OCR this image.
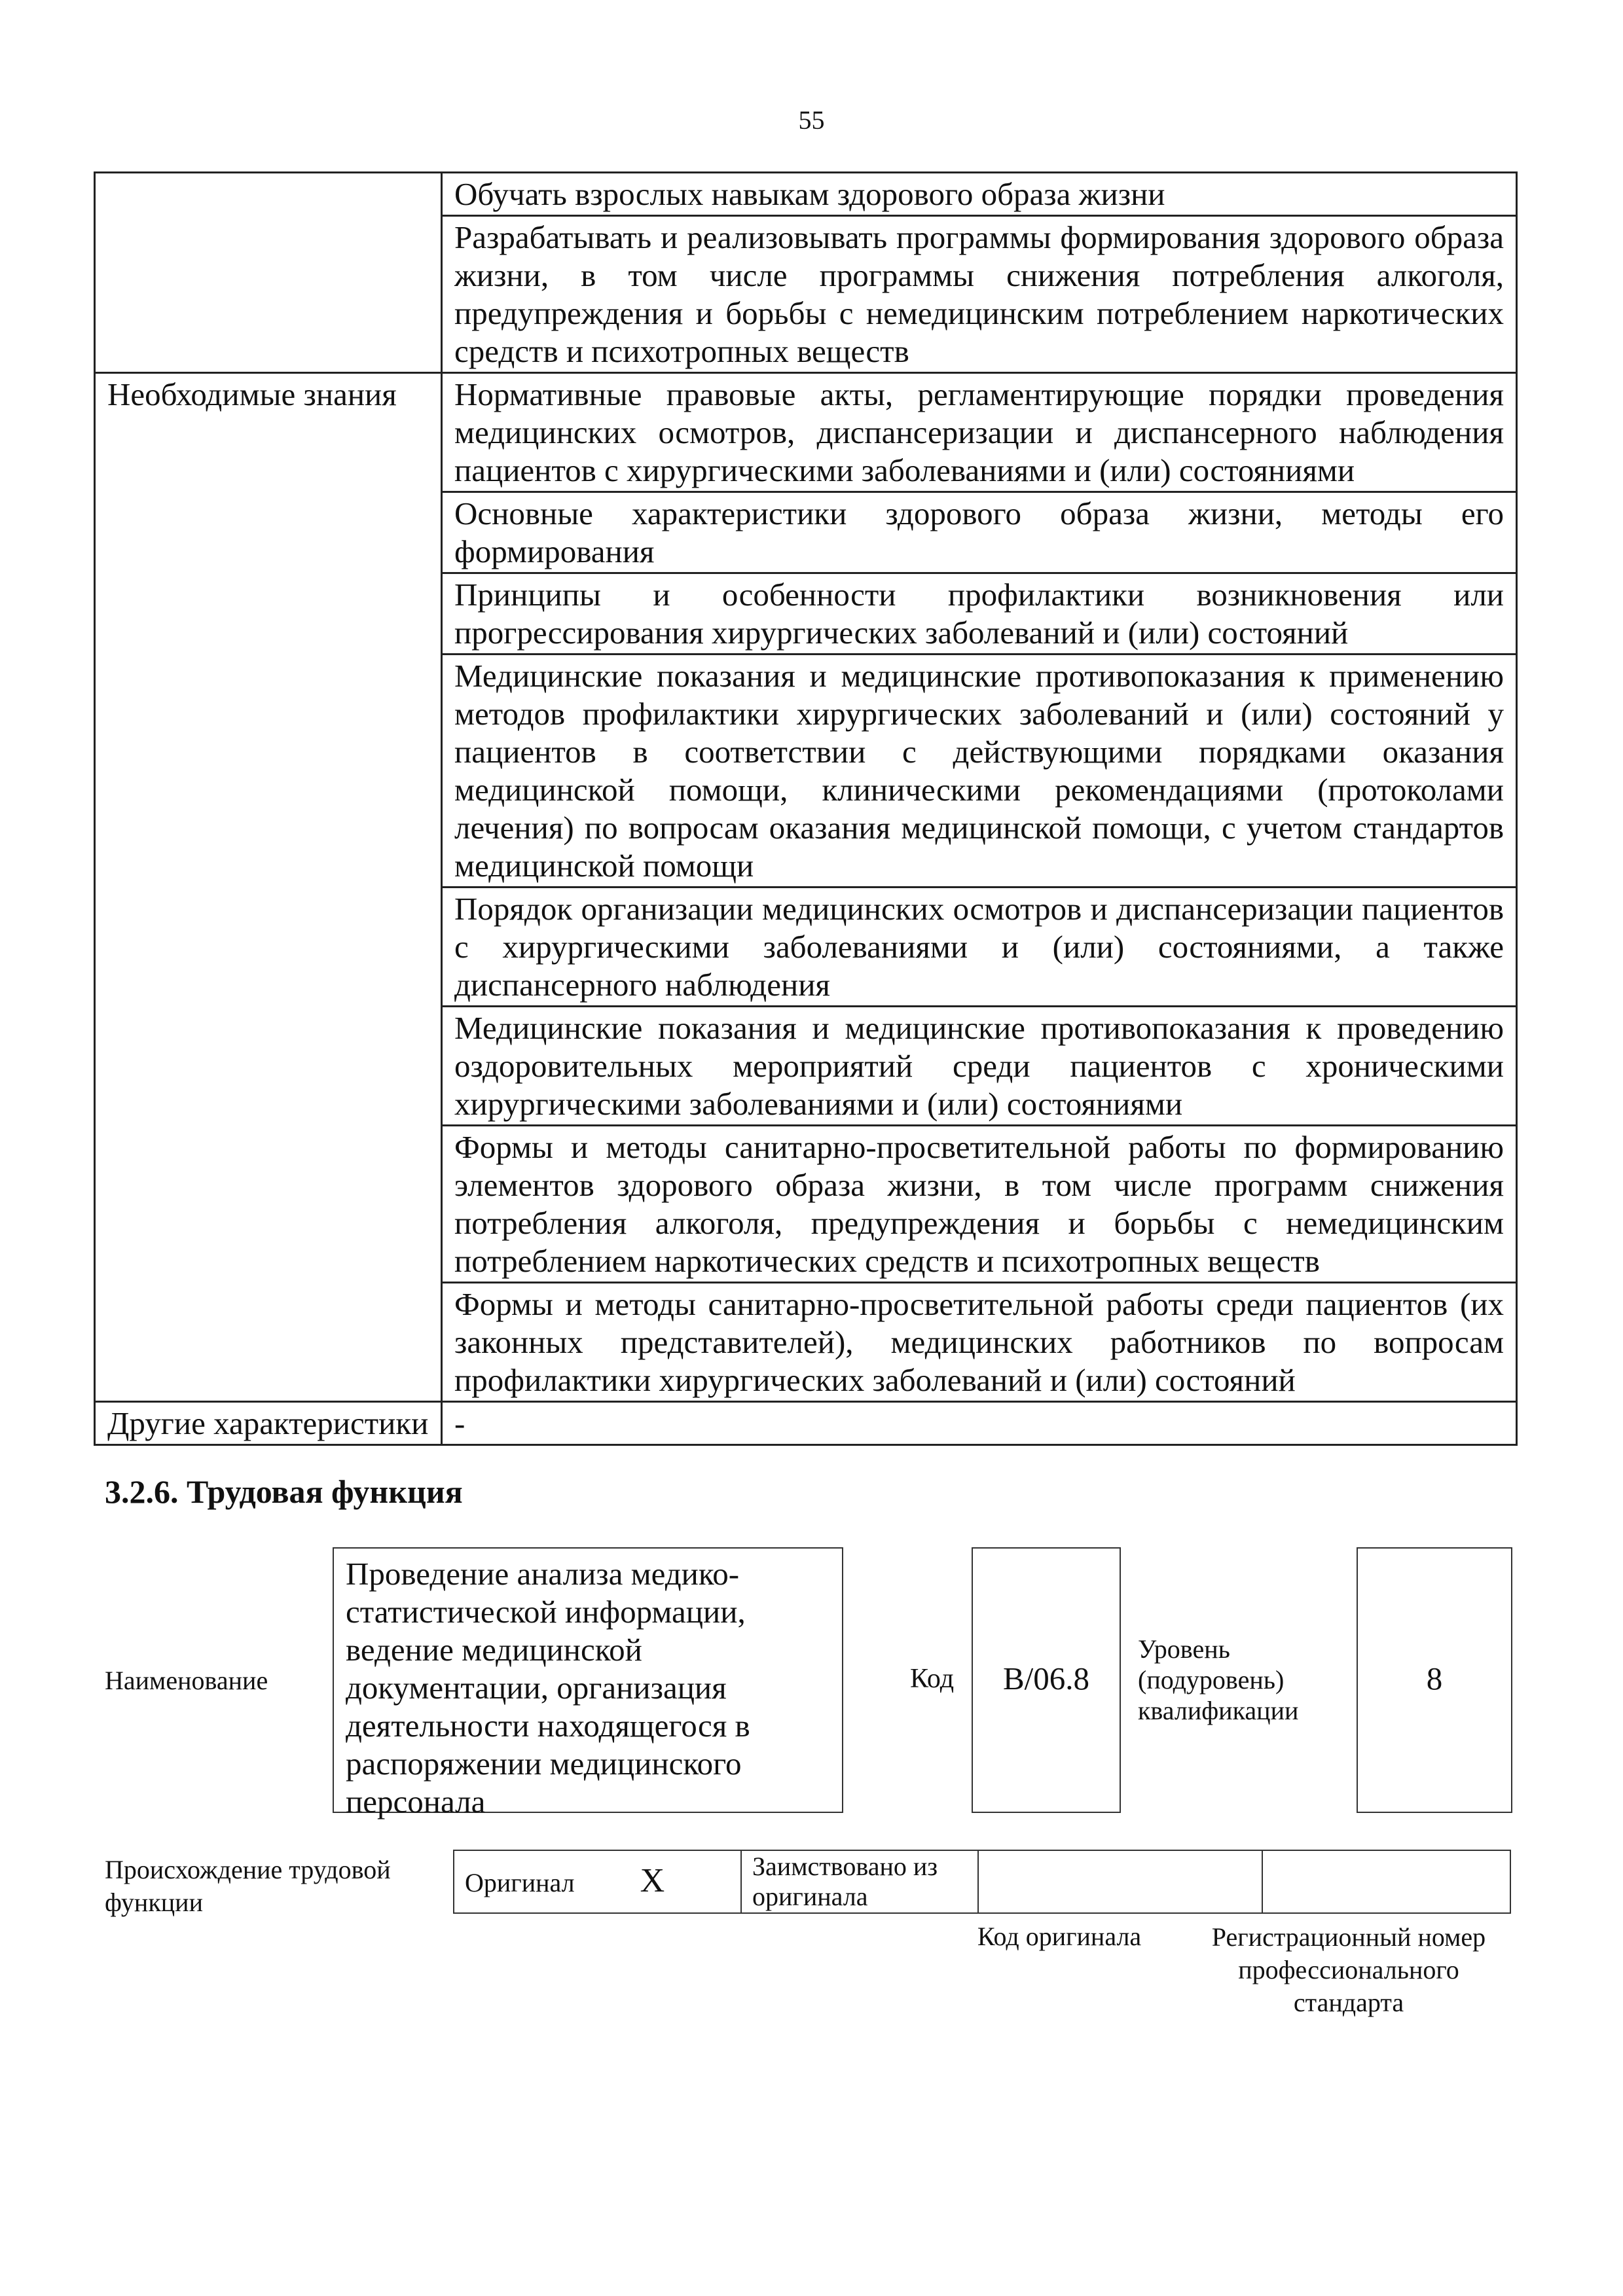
55
	Обучать взрослых навыкам здорового образа жизни
	Разрабатывать и реализовывать программы формирования здорового образа жизни, в том числе программы снижения потребления алкоголя, предупреждения и борьбы с немедицинским потреблением наркотических средств и психотропных веществ
Необходимые знания	Нормативные правовые акты, регламентирующие порядки проведения медицинских осмотров, диспансеризации и диспансерного наблюдения пациентов с хирургическими заболеваниями и (или) состояниями
	Основные характеристики здорового образа жизни, методы его формирования
	Принципы и особенности профилактики возникновения или прогрессирования хирургических заболеваний и (или) состояний
	Медицинские показания и медицинские противопоказания к применению методов профилактики хирургических заболеваний и (или) состояний у пациентов в соответствии с действующими порядками оказания медицинской помощи, клиническими рекомендациями (протоколами лечения) по вопросам оказания медицинской помощи, с учетом стандартов медицинской помощи
	Порядок организации медицинских осмотров и диспансеризации пациентов с хирургическими заболеваниями и (или) состояниями, а также диспансерного наблюдения
	Медицинские показания и медицинские противопоказания к проведению оздоровительных мероприятий среди пациентов с хроническими хирургическими заболеваниями и (или) состояниями
	Формы и методы санитарно-просветительной работы по формированию элементов здорового образа жизни, в том числе программ снижения потребления алкоголя, предупреждения и борьбы с немедицинским потреблением наркотических средств и психотропных веществ
	Формы и методы санитарно-просветительной работы среди пациентов (их законных представителей), медицинских работников по вопросам профилактики хирургических заболеваний и (или) состояний
Другие характеристики	-
3.2.6. Трудовая функция
Наименование
Проведение анализа медико-статистической информации, ведение медицинской документации, организация деятельности находящегося в распоряжении медицинского персонала
Код	В/06.8
Уровень (подуровень) квалификации
8
Происхождение трудовой функции
Оригинал X	Заимствовано из оригинала		
Код оригинала	Регистрационный номер профессионального стандарта
